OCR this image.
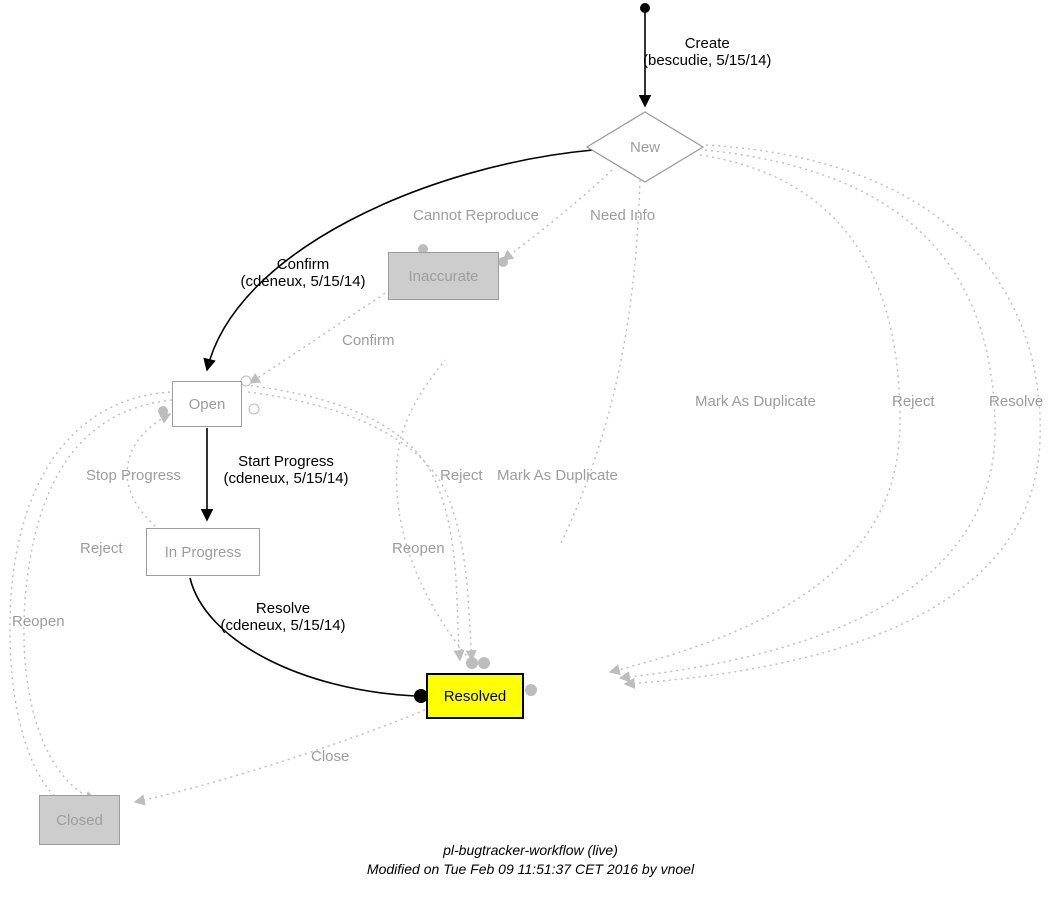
New
Inaccurate
Open
In Progress
Resolved
Closed
Create
(bescudie, 5/15/14)
Cannot Reproduce	Need Info
Confirm
(cdeneux, 5/15/14)
Confirm
Mark As Duplicate	Reject	Resolve
Start Progress
(cdeneux, 5/15/14)
Stop Progress
Reject
Reject Mark As Duplicate
Reopen
Reopen
Resolve
(cdeneux, 5/15/14)
Close
pl-bugtracker-workflow (live)
Modified on Tue Feb 09 11:51:37 CET 2016 by vnoel
